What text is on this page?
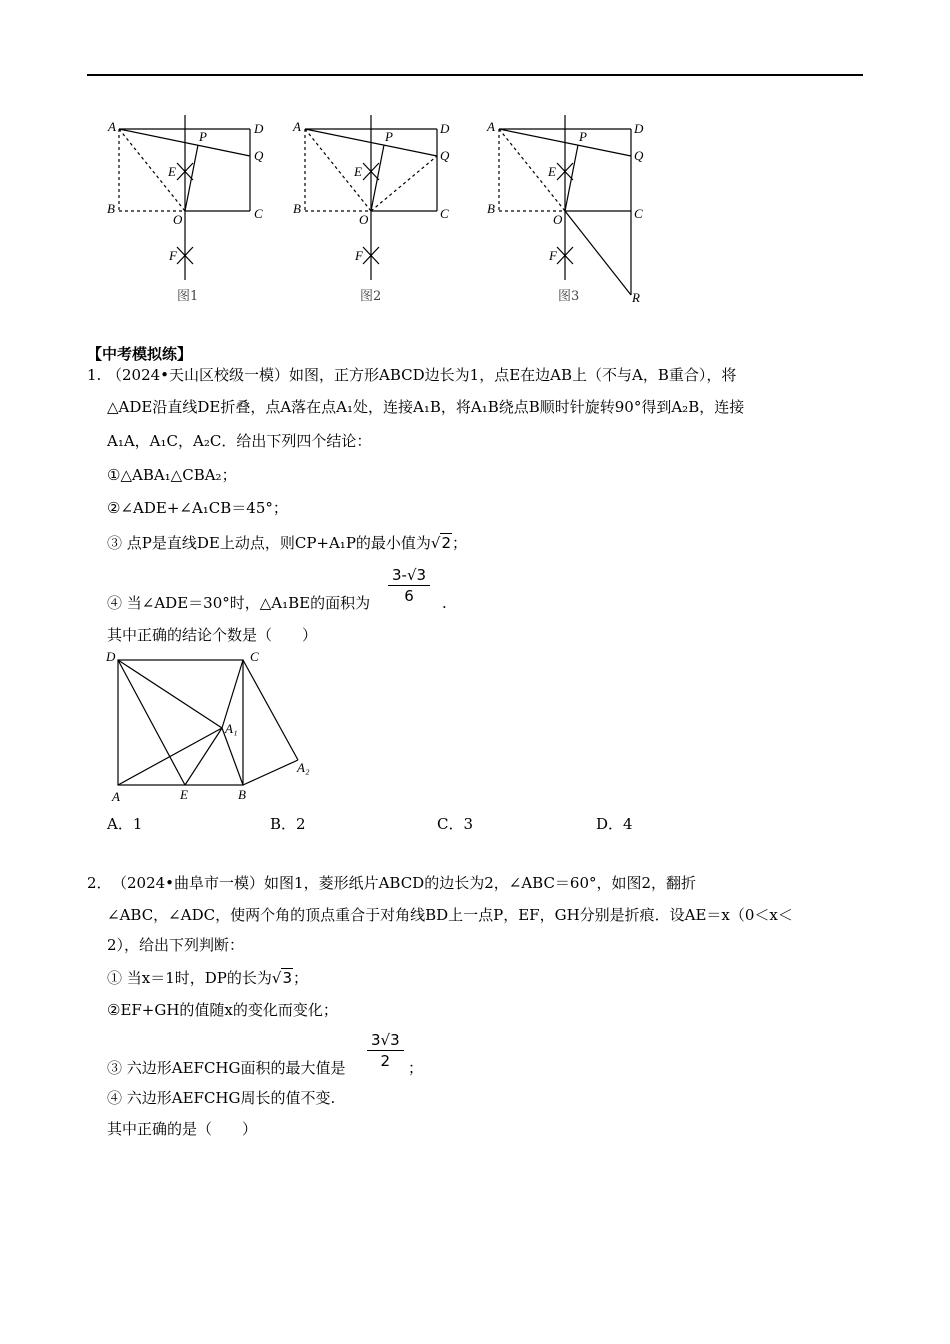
A
P
D
Q
E
B
O	C
F
图1
A
P
D
Q
E
B
O	C
F
图2
A
P
D
Q
E
B
O	C
F
R
图3
【中考模拟练】
1. （2024•天山区校级一模）如图，正方形ABCD边长为1，点E在边AB上（不与A，B重合），将
△ADE沿直线DE折叠，点A落在点A₁处，连接A₁B，将A₁B绕点B顺时针旋转90°得到A₂B，连接
A₁A，A₁C，A₂C．给出下列四个结论：
①△ABA₁△CBA₂；
②∠ADE+∠A₁CB＝45°；
③ 点P是直线DE上动点，则CP+A₁P的最小值为√2；
④ 当∠ADE＝30°时，△A₁BE的面积为
3-√3
6	.
其中正确的结论个数是（　　）
D	C
A₁
A₂
A	E	B
A．1	B．2	C．3	D．4
2． （2024•曲阜市一模）如图1，菱形纸片ABCD的边长为2，∠ABC＝60°，如图2，翻折
∠ABC，∠ADC，使两个角的顶点重合于对角线BD上一点P，EF，GH分别是折痕．设AE＝x（0＜x＜
2），给出下列判断：
① 当x＝1时，DP的长为√3；
②EF+GH的值随x的变化而变化；
③ 六边形AEFCHG面积的最大值是
3√3
2	；
④ 六边形AEFCHG周长的值不变.
其中正确的是（　　）
